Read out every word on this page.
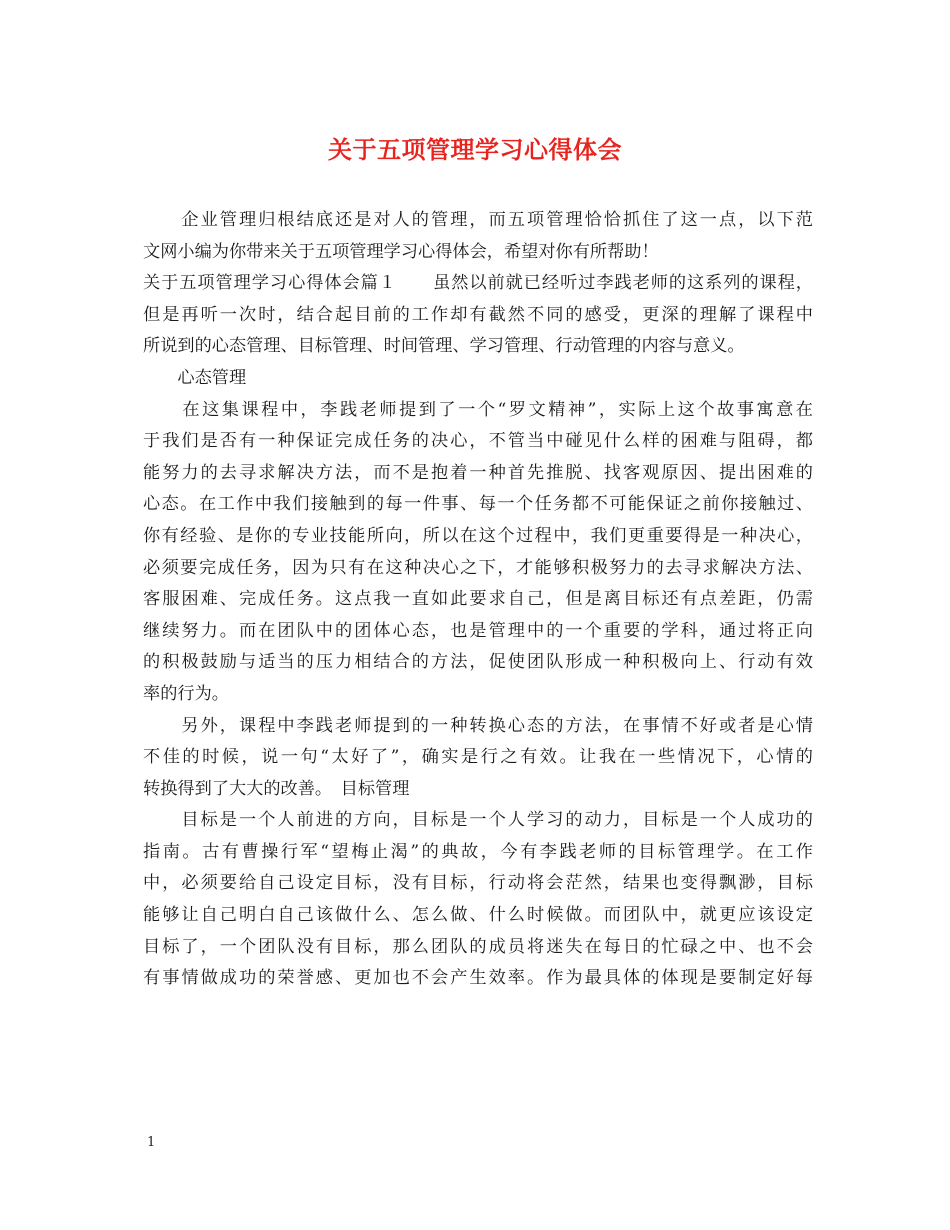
关于五项管理学习心得体会
　　企业管理归根结底还是对人的管理，而五项管理恰恰抓住了这一点，以下范
文网小编为你带来关于五项管理学习心得体会，希望对你有所帮助！
关于五项管理学习心得体会篇１　　虽然以前就已经听过李践老师的这系列的课程，
但是再听一次时，结合起目前的工作却有截然不同的感受，更深的理解了课程中
所说到的心态管理、目标管理、时间管理、学习管理、行动管理的内容与意义。
　　心态管理
　　在这集课程中，李践老师提到了一个“罗文精神”，实际上这个故事寓意在
于我们是否有一种保证完成任务的决心，不管当中碰见什么样的困难与阻碍，都
能努力的去寻求解决方法，而不是抱着一种首先推脱、找客观原因、提出困难的
心态。在工作中我们接触到的每一件事、每一个任务都不可能保证之前你接触过、
你有经验、是你的专业技能所向，所以在这个过程中，我们更重要得是一种决心，
必须要完成任务，因为只有在这种决心之下，才能够积极努力的去寻求解决方法、
客服困难、完成任务。这点我一直如此要求自己，但是离目标还有点差距，仍需
继续努力。而在团队中的团体心态，也是管理中的一个重要的学科，通过将正向
的积极鼓励与适当的压力相结合的方法，促使团队形成一种积极向上、行动有效
率的行为。
　　另外，课程中李践老师提到的一种转换心态的方法，在事情不好或者是心情
不佳的时候，说一句“太好了”，确实是行之有效。让我在一些情况下，心情的
转换得到了大大的改善。　目标管理
　　目标是一个人前进的方向，目标是一个人学习的动力，目标是一个人成功的
指南。古有曹操行军“望梅止渴”的典故，今有李践老师的目标管理学。在工作
中，必须要给自己设定目标，没有目标，行动将会茫然，结果也变得飘渺，目标
能够让自己明白自己该做什么、怎么做、什么时候做。而团队中，就更应该设定
目标了，一个团队没有目标，那么团队的成员将迷失在每日的忙碌之中、也不会
有事情做成功的荣誉感、更加也不会产生效率。作为最具体的体现是要制定好每
1
